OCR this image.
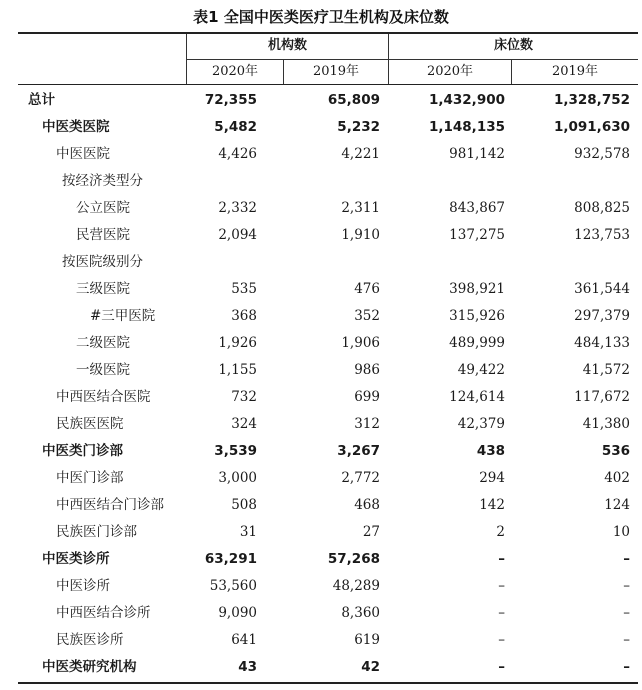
表1 全国中医类医疗卫生机构及床位数
机构数	床位数
2020年	2019年	2020年	2019年
总计	72,355	65,809	1,432,900	1,328,752
中医类医院	5,482	5,232	1,148,135	1,091,630
中医医院	4,426	4,221	981,142	932,578
按经济类型分
公立医院	2,332	2,311	843,867	808,825
民营医院	2,094	1,910	137,275	123,753
按医院级别分
三级医院	535	476	398,921	361,544
#三甲医院	368	352	315,926	297,379
二级医院	1,926	1,906	489,999	484,133
一级医院	1,155	986	49,422	41,572
中西医结合医院	732	699	124,614	117,672
民族医医院	324	312	42,379	41,380
中医类门诊部	3,539	3,267	438	536
中医门诊部	3,000	2,772	294	402
中西医结合门诊部	508	468	142	124
民族医门诊部	31	27	2	10
中医类诊所	63,291	57,268	–	–
中医诊所	53,560	48,289	–	–
中西医结合诊所	9,090	8,360	–	–
民族医诊所	641	619	–	–
中医类研究机构	43	42	–	–
